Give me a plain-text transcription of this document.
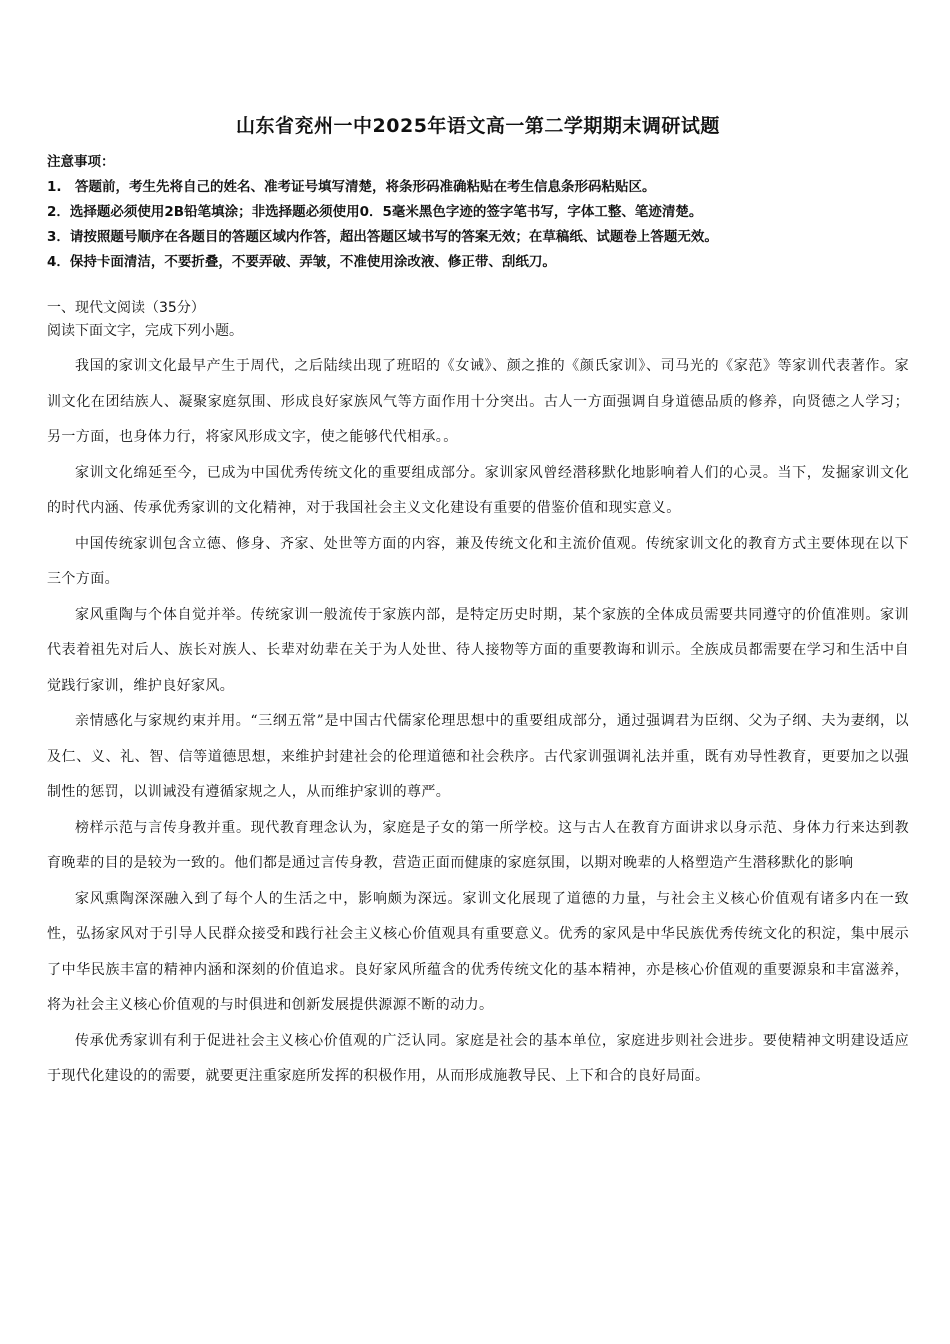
山东省兖州一中2025年语文高一第二学期期末调研试题
注意事项：
1.　答题前，考生先将自己的姓名、准考证号填写清楚，将条形码准确粘贴在考生信息条形码粘贴区。
2．选择题必须使用2B铅笔填涂；非选择题必须使用0．5毫米黑色字迹的签字笔书写，字体工整、笔迹清楚。
3．请按照题号顺序在各题目的答题区域内作答，超出答题区域书写的答案无效；在草稿纸、试题卷上答题无效。
4．保持卡面清洁，不要折叠，不要弄破、弄皱，不准使用涂改液、修正带、刮纸刀。
一、现代文阅读（35分）
阅读下面文字，完成下列小题。

我国的家训文化最早产生于周代，之后陆续出现了班昭的《女诫》、颜之推的《颜氏家训》、司马光的《家范》等家训代表著作。家训文化在团结族人、凝聚家庭氛围、形成良好家族风气等方面作用十分突出。古人一方面强调自身道德品质的修养，向贤德之人学习；另一方面，也身体力行，将家风形成文字，使之能够代代相承。。

家训文化绵延至今，已成为中国优秀传统文化的重要组成部分。家训家风曾经潜移默化地影响着人们的心灵。当下，发掘家训文化的时代内涵、传承优秀家训的文化精神，对于我国社会主义文化建设有重要的借鉴价值和现实意义。

中国传统家训包含立德、修身、齐家、处世等方面的内容，兼及传统文化和主流价值观。传统家训文化的教育方式主要体现在以下三个方面。

家风重陶与个体自觉并举。传统家训一般流传于家族内部，是特定历史时期，某个家族的全体成员需要共同遵守的价值准则。家训代表着祖先对后人、族长对族人、长辈对幼辈在关于为人处世、待人接物等方面的重要教诲和训示。全族成员都需要在学习和生活中自觉践行家训，维护良好家风。

亲情感化与家规约束并用。“三纲五常”是中国古代儒家伦理思想中的重要组成部分，通过强调君为臣纲、父为子纲、夫为妻纲，以及仁、义、礼、智、信等道德思想，来维护封建社会的伦理道德和社会秩序。古代家训强调礼法并重，既有劝导性教育，更要加之以强制性的惩罚，以训诫没有遵循家规之人，从而维护家训的尊严。

榜样示范与言传身教并重。现代教育理念认为，家庭是子女的第一所学校。这与古人在教育方面讲求以身示范、身体力行来达到教育晚辈的目的是较为一致的。他们都是通过言传身教，营造正面而健康的家庭氛围，以期对晚辈的人格塑造产生潜移默化的影响

家风熏陶深深融入到了每个人的生活之中，影响颇为深远。家训文化展现了道德的力量，与社会主义核心价值观有诸多内在一致性，弘扬家风对于引导人民群众接受和践行社会主义核心价值观具有重要意义。优秀的家风是中华民族优秀传统文化的积淀，集中展示了中华民族丰富的精神内涵和深刻的价值追求。良好家风所蕴含的优秀传统文化的基本精神，亦是核心价值观的重要源泉和丰富滋养，将为社会主义核心价值观的与时俱进和创新发展提供源源不断的动力。

传承优秀家训有利于促进社会主义核心价值观的广泛认同。家庭是社会的基本单位，家庭进步则社会进步。要使精神文明建设适应于现代化建设的的需要，就要更注重家庭所发挥的积极作用，从而形成施教导民、上下和合的良好局面。
